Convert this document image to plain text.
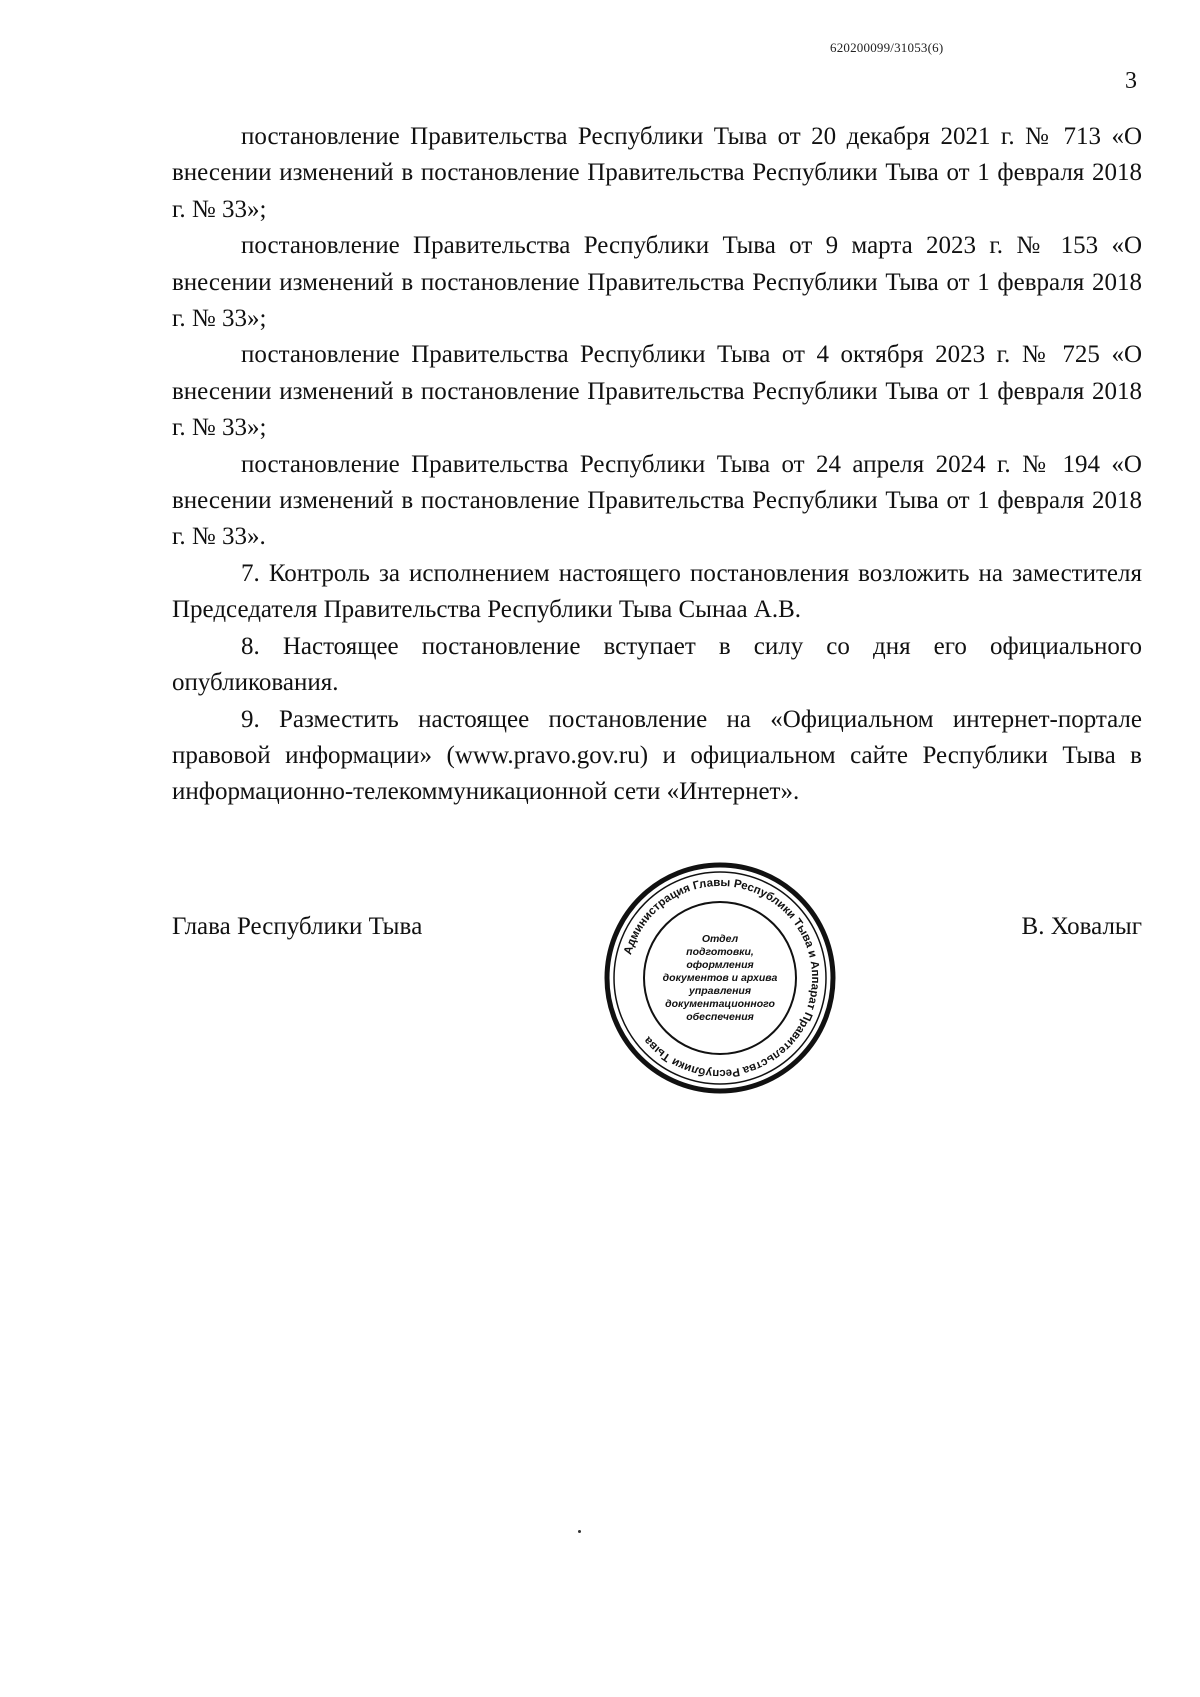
620200099/31053(6)
3

постановление Правительства Республики Тыва от 20 декабря 2021 г. № 713 «О внесении изменений в постановление Правительства Республики Тыва от 1 февраля 2018 г. № 33»;

постановление Правительства Республики Тыва от 9 марта 2023 г. № 153 «О внесении изменений в постановление Правительства Республики Тыва от 1 февраля 2018 г. № 33»;

постановление Правительства Республики Тыва от 4 октября 2023 г. № 725 «О внесении изменений в постановление Правительства Республики Тыва от 1 февраля 2018 г. № 33»;

постановление Правительства Республики Тыва от 24 апреля 2024 г. № 194 «О внесении изменений в постановление Правительства Республики Тыва от 1 февраля 2018 г. № 33».

7. Контроль за исполнением настоящего постановления возложить на заместителя Председателя Правительства Республики Тыва Сынаа А.В.

8. Настоящее постановление вступает в силу со дня его официального опубликования.

9. Разместить настоящее постановление на «Официальном интернет-портале правовой информации» (www.pravo.gov.ru) и официальном сайте Республики Тыва в информационно-телекоммуникационной сети «Интернет».

Глава Республики Тывa	В. Ховалыг
Администрация Главы Республики Тыва и Аппарат Правительства Республики Тыва
Отдел
подготовки,
оформления
документов и архива
управления
документационного
обеспечения
